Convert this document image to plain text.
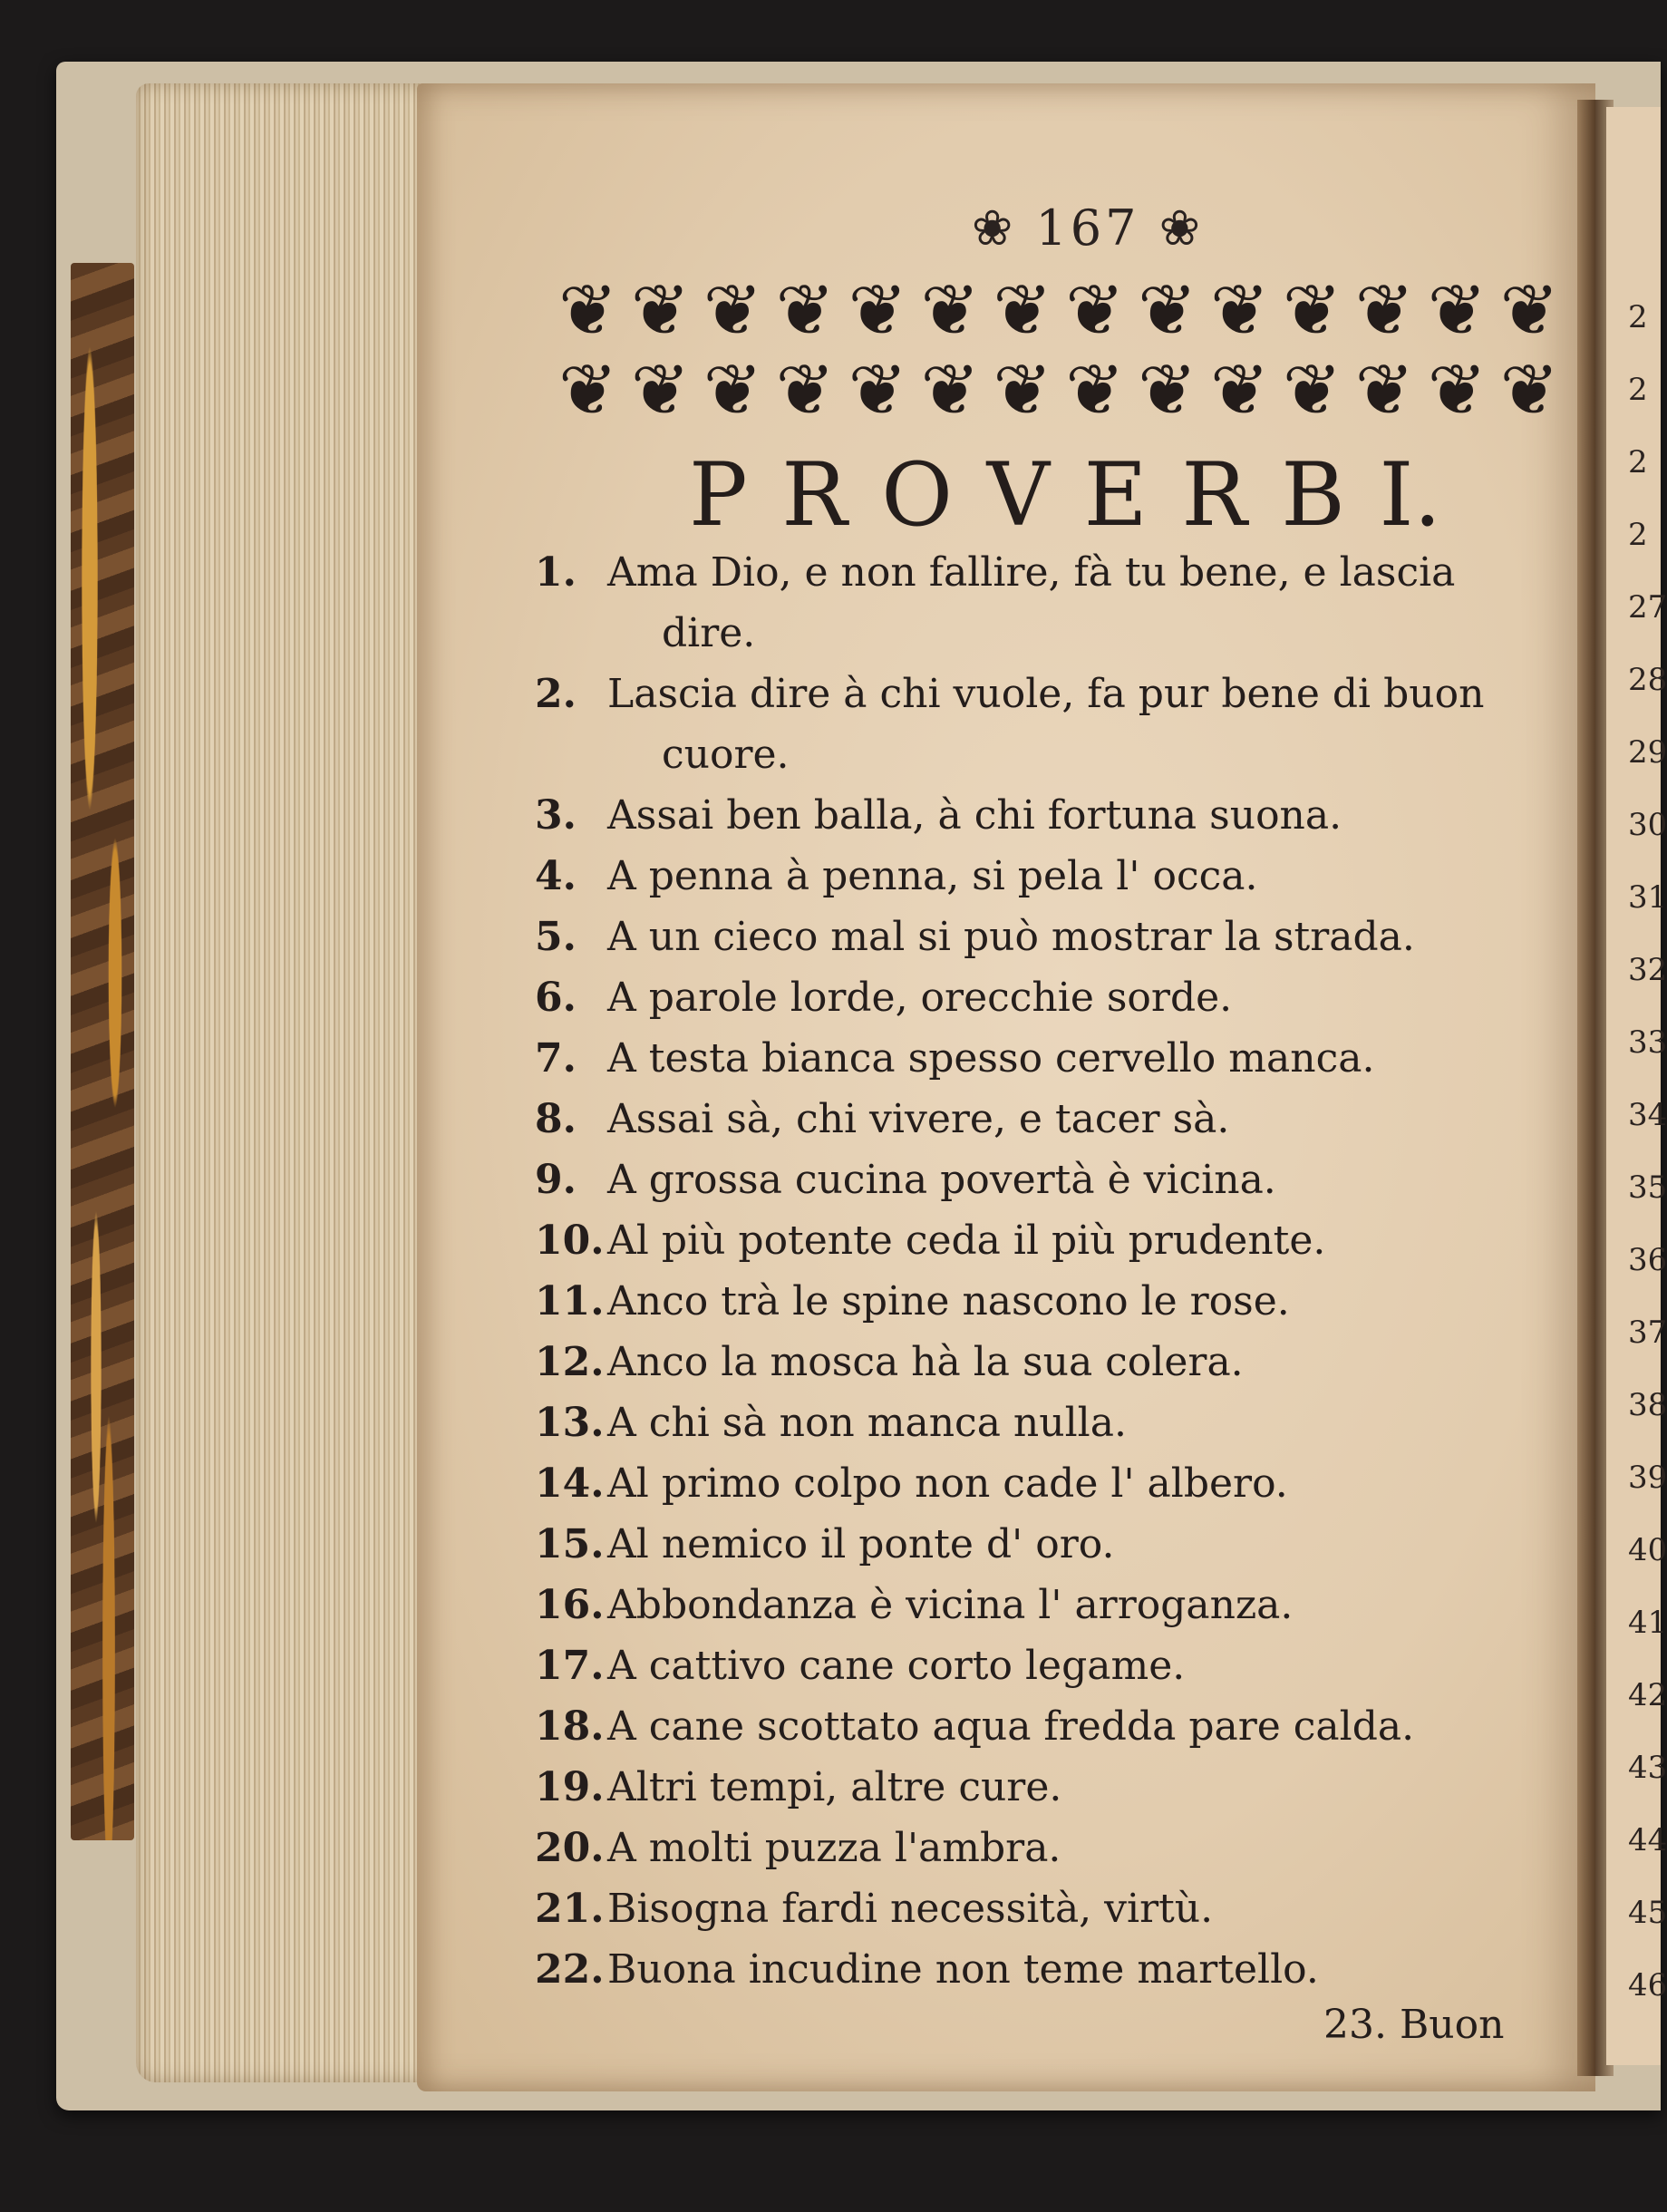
2
2
2
2
27
28
29
30
31
32
33
34
35
36
37
38
39
40
41
42
43
44
45
46
❀ 167 ❀
❦ ❦ ❦ ❦ ❦ ❦ ❦ ❦ ❦ ❦ ❦ ❦ ❦ ❦
❦ ❦ ❦ ❦ ❦ ❦ ❦ ❦ ❦ ❦ ❦ ❦ ❦ ❦
P R O V E R B I.
1. Ama Dio, e non fallire, fà tu bene, e lascia
dire.
2. Lascia dire à chi vuole, fa pur bene di buon
cuore.
3. Assai ben balla, à chi fortuna suona.
4. A penna à penna, si pela l' occa.
5. A un cieco mal si può mostrar la strada.
6. A parole lorde, orecchie sorde.
7. A testa bianca spesso cervello manca.
8. Assai sà, chi vivere, e tacer sà.
9. A grossa cucina povertà è vicina.
10. Al più potente ceda il più prudente.
11. Anco trà le spine nascono le rose.
12. Anco la mosca hà la sua colera.
13. A chi sà non manca nulla.
14. Al primo colpo non cade l' albero.
15. Al nemico il ponte d' oro.
16. Abbondanza è vicina l' arroganza.
17. A cattivo cane corto legame.
18. A cane scottato aqua fredda pare calda.
19. Altri tempi, altre cure.
20. A molti puzza l'ambra.
21. Bisogna fardi necessità, virtù.
22. Buona incudine non teme martello.
23. Buon
